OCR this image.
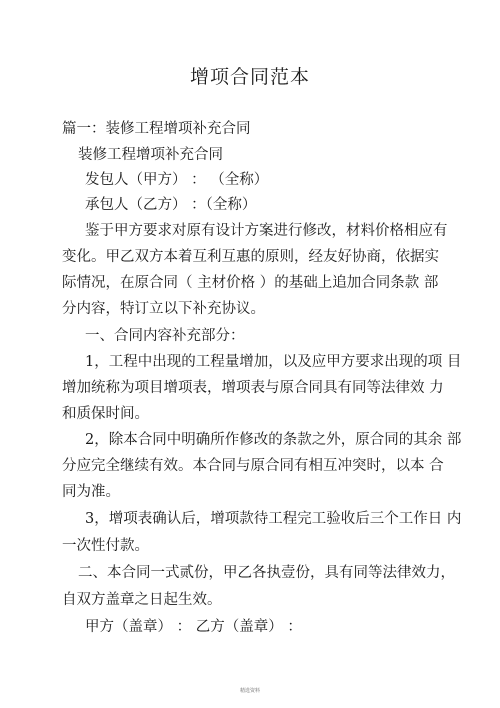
增项合同范本
篇一：装修工程增项补充合同
装修工程增项补充合同
发包人（甲方） ： （全称）
承包人（乙方） ：（全称）
鉴于甲方要求对原有设计方案进行修改，材料价格相应有
变化。甲乙双方本着互利互惠的原则，经友好协商，依据实
际情况，在原合同（ 主材价格 ）的基础上追加合同条款 部
分内容，特订立以下补充协议。
一、合同内容补充部分：
1，工程中出现的工程量增加，以及应甲方要求出现的项 目
增加统称为项目增项表，增项表与原合同具有同等法律效 力
和质保时间。
2，除本合同中明确所作修改的条款之外，原合同的其余 部
分应完全继续有效。本合同与原合同有相互冲突时，以本 合
同为准。
3，增项表确认后，增项款待工程完工验收后三个工作日 内
一次性付款。
二、本合同一式贰份，甲乙各执壹份，具有同等法律效力，
自双方盖章之日起生效。
甲方（盖章） ： 乙方（盖章） ：
精选资料
